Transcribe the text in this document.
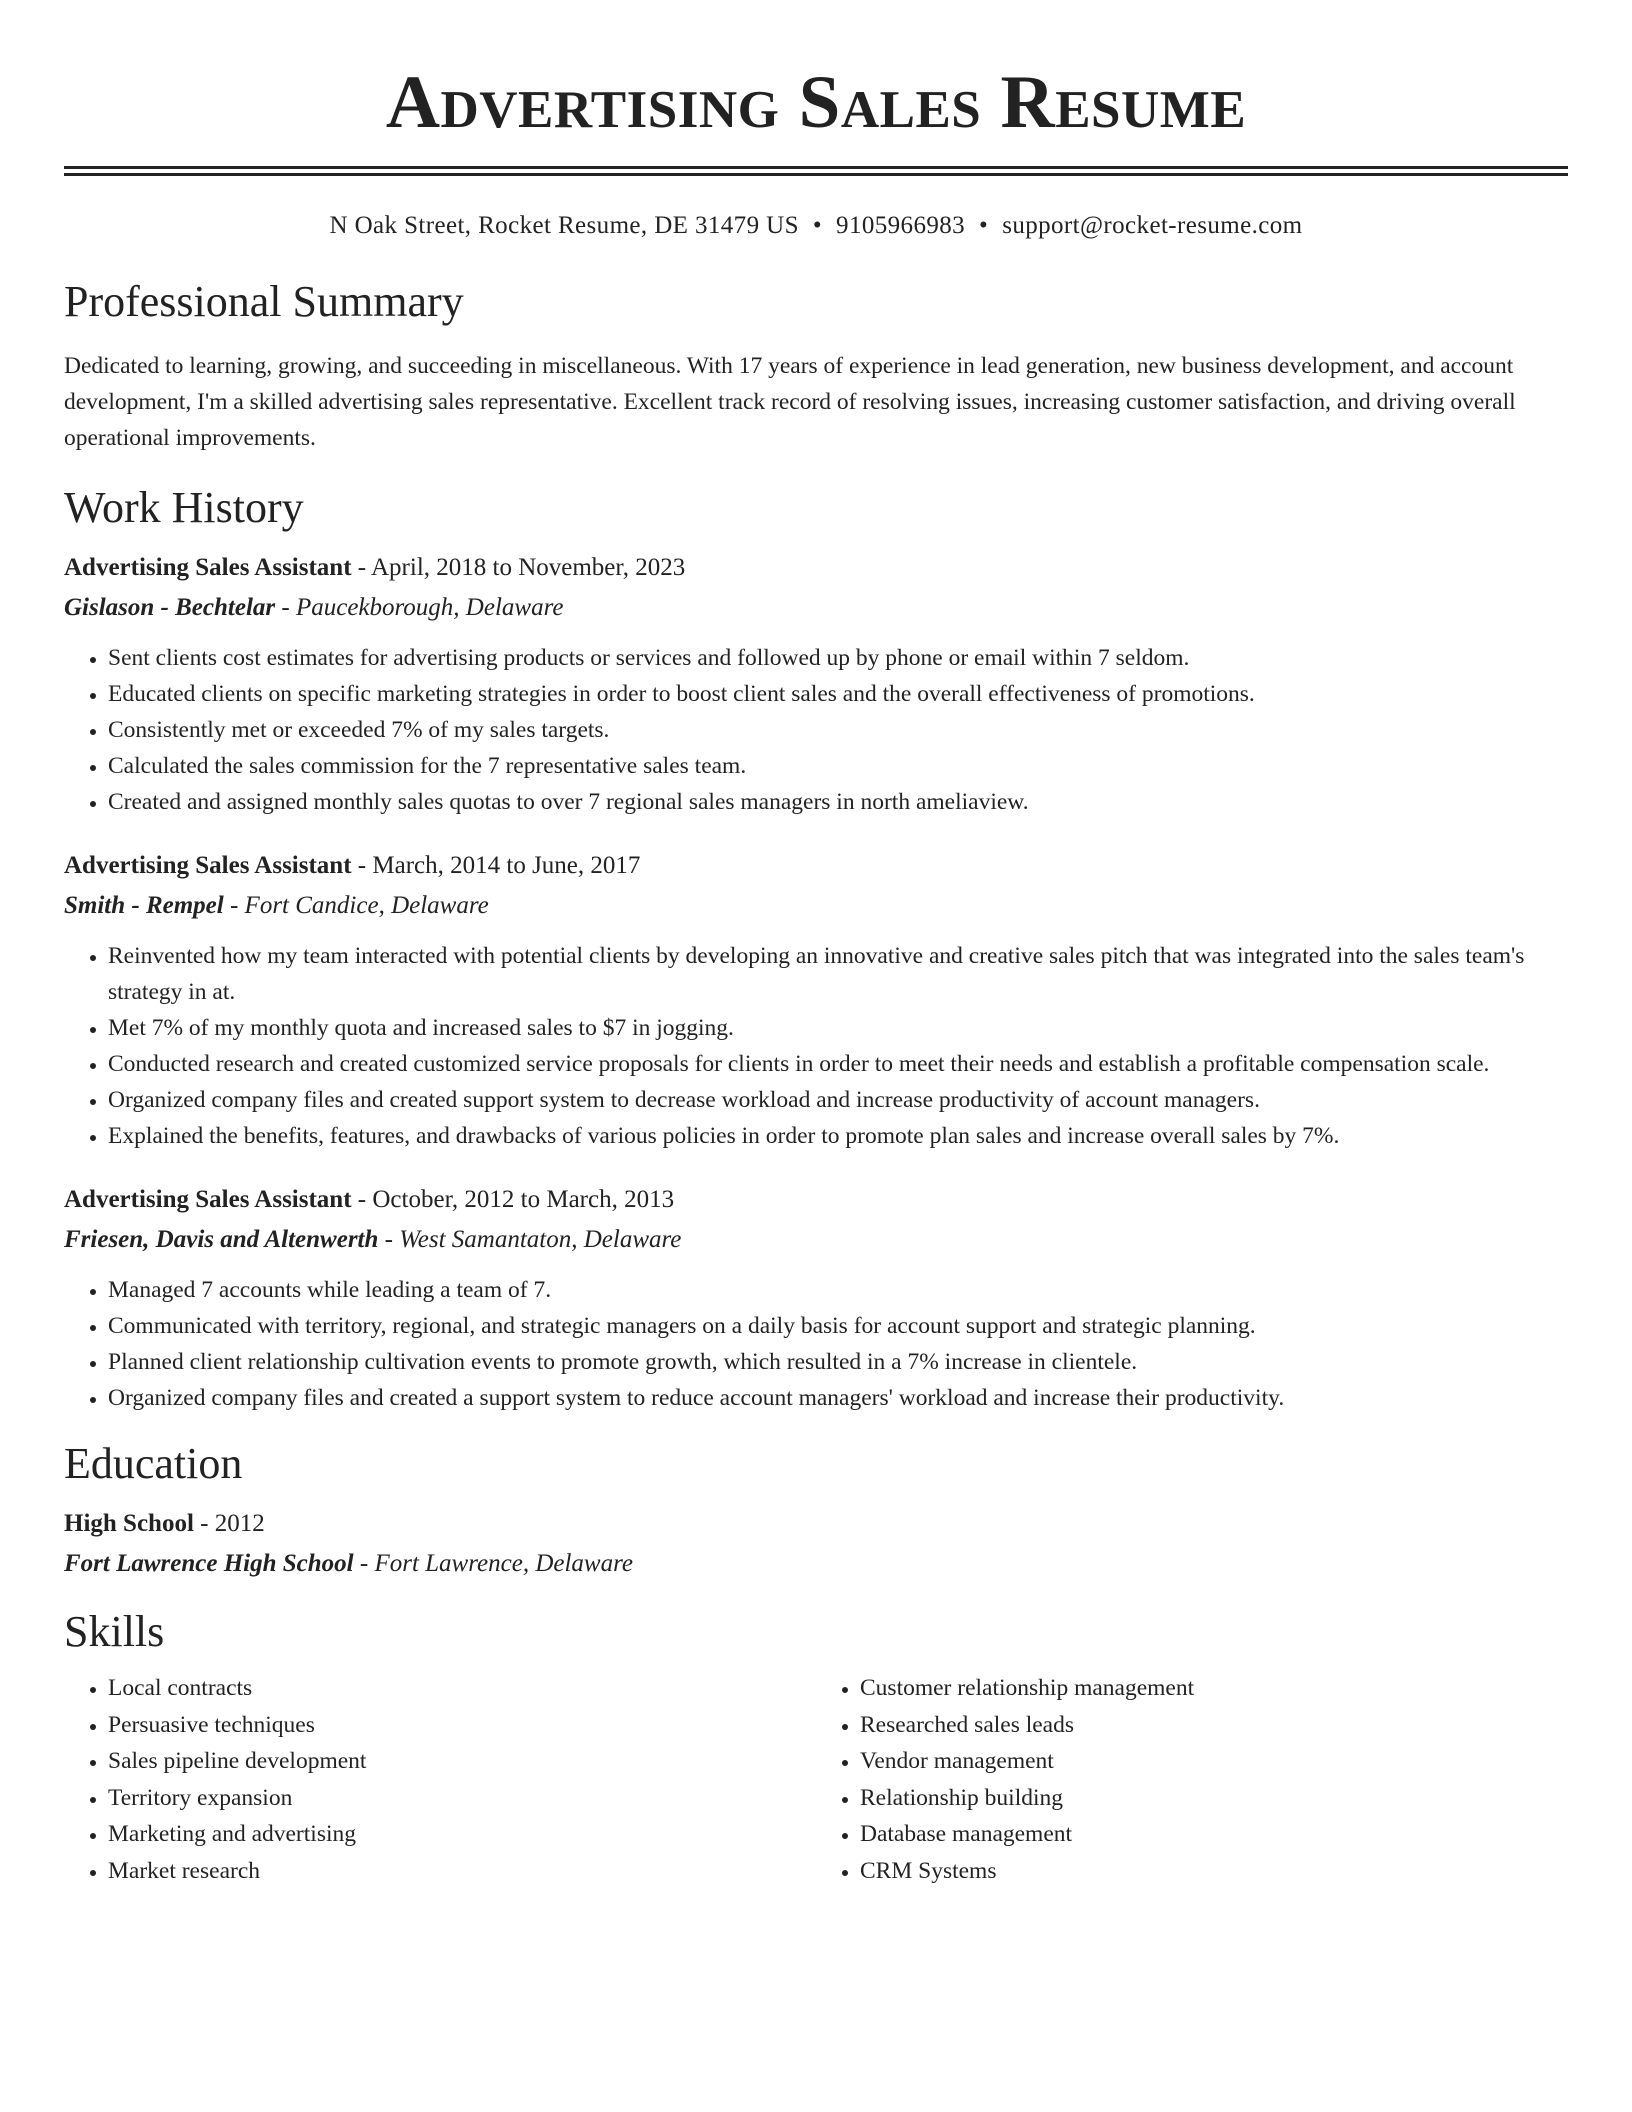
Advertising Sales Resume
N Oak Street, Rocket Resume, DE 31479 US • 9105966983 • support@rocket-resume.com
Professional Summary
Dedicated to learning, growing, and succeeding in miscellaneous. With 17 years of experience in lead generation, new business development, and account development, I'm a skilled advertising sales representative. Excellent track record of resolving issues, increasing customer satisfaction, and driving overall operational improvements.
Work History
Advertising Sales Assistant - April, 2018 to November, 2023
Gislason - Bechtelar - Paucekborough, Delaware
• Sent clients cost estimates for advertising products or services and followed up by phone or email within 7 seldom.
• Educated clients on specific marketing strategies in order to boost client sales and the overall effectiveness of promotions.
• Consistently met or exceeded 7% of my sales targets.
• Calculated the sales commission for the 7 representative sales team.
• Created and assigned monthly sales quotas to over 7 regional sales managers in north ameliaview.
Advertising Sales Assistant - March, 2014 to June, 2017
Smith - Rempel - Fort Candice, Delaware
• Reinvented how my team interacted with potential clients by developing an innovative and creative sales pitch that was integrated into the sales team's strategy in at.
• Met 7% of my monthly quota and increased sales to $7 in jogging.
• Conducted research and created customized service proposals for clients in order to meet their needs and establish a profitable compensation scale.
• Organized company files and created support system to decrease workload and increase productivity of account managers.
• Explained the benefits, features, and drawbacks of various policies in order to promote plan sales and increase overall sales by 7%.
Advertising Sales Assistant - October, 2012 to March, 2013
Friesen, Davis and Altenwerth - West Samantaton, Delaware
• Managed 7 accounts while leading a team of 7.
• Communicated with territory, regional, and strategic managers on a daily basis for account support and strategic planning.
• Planned client relationship cultivation events to promote growth, which resulted in a 7% increase in clientele.
• Organized company files and created a support system to reduce account managers' workload and increase their productivity.
Education
High School - 2012
Fort Lawrence High School - Fort Lawrence, Delaware
Skills
• Local contracts
• Persuasive techniques
• Sales pipeline development
• Territory expansion
• Marketing and advertising
• Market research
• Customer relationship management
• Researched sales leads
• Vendor management
• Relationship building
• Database management
• CRM Systems
